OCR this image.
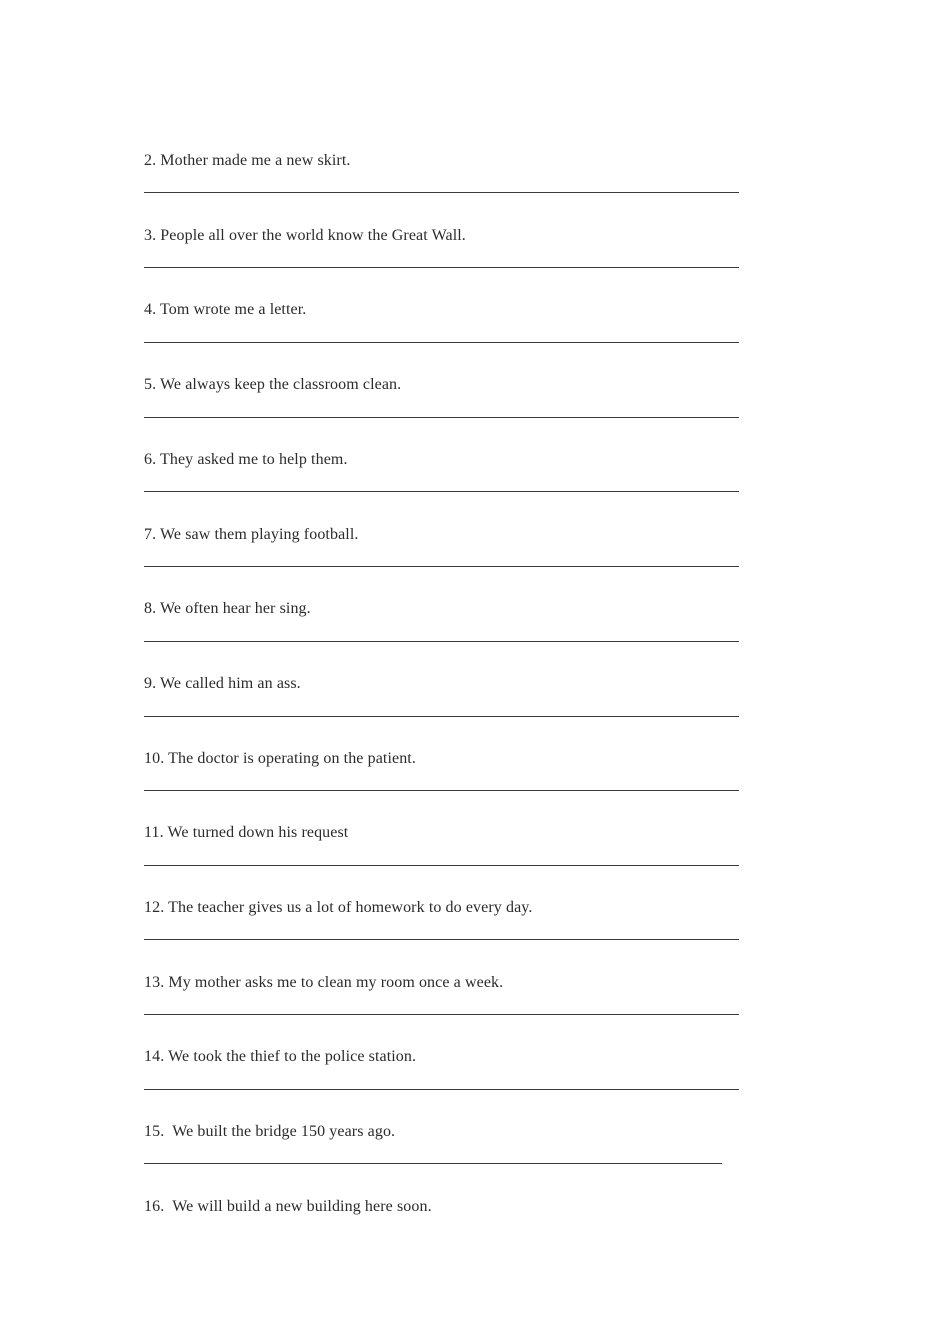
2. Mother made me a new skirt.
3. People all over the world know the Great Wall.
4. Tom wrote me a letter.
5. We always keep the classroom clean.
6. They asked me to help them.
7. We saw them playing football.
8. We often hear her sing.
9. We called him an ass.
10. The doctor is operating on the patient.
11. We turned down his request
12. The teacher gives us a lot of homework to do every day.
13. My mother asks me to clean my room once a week.
14. We took the thief to the police station.
15.  We built the bridge 150 years ago.
16.  We will build a new building here soon.
